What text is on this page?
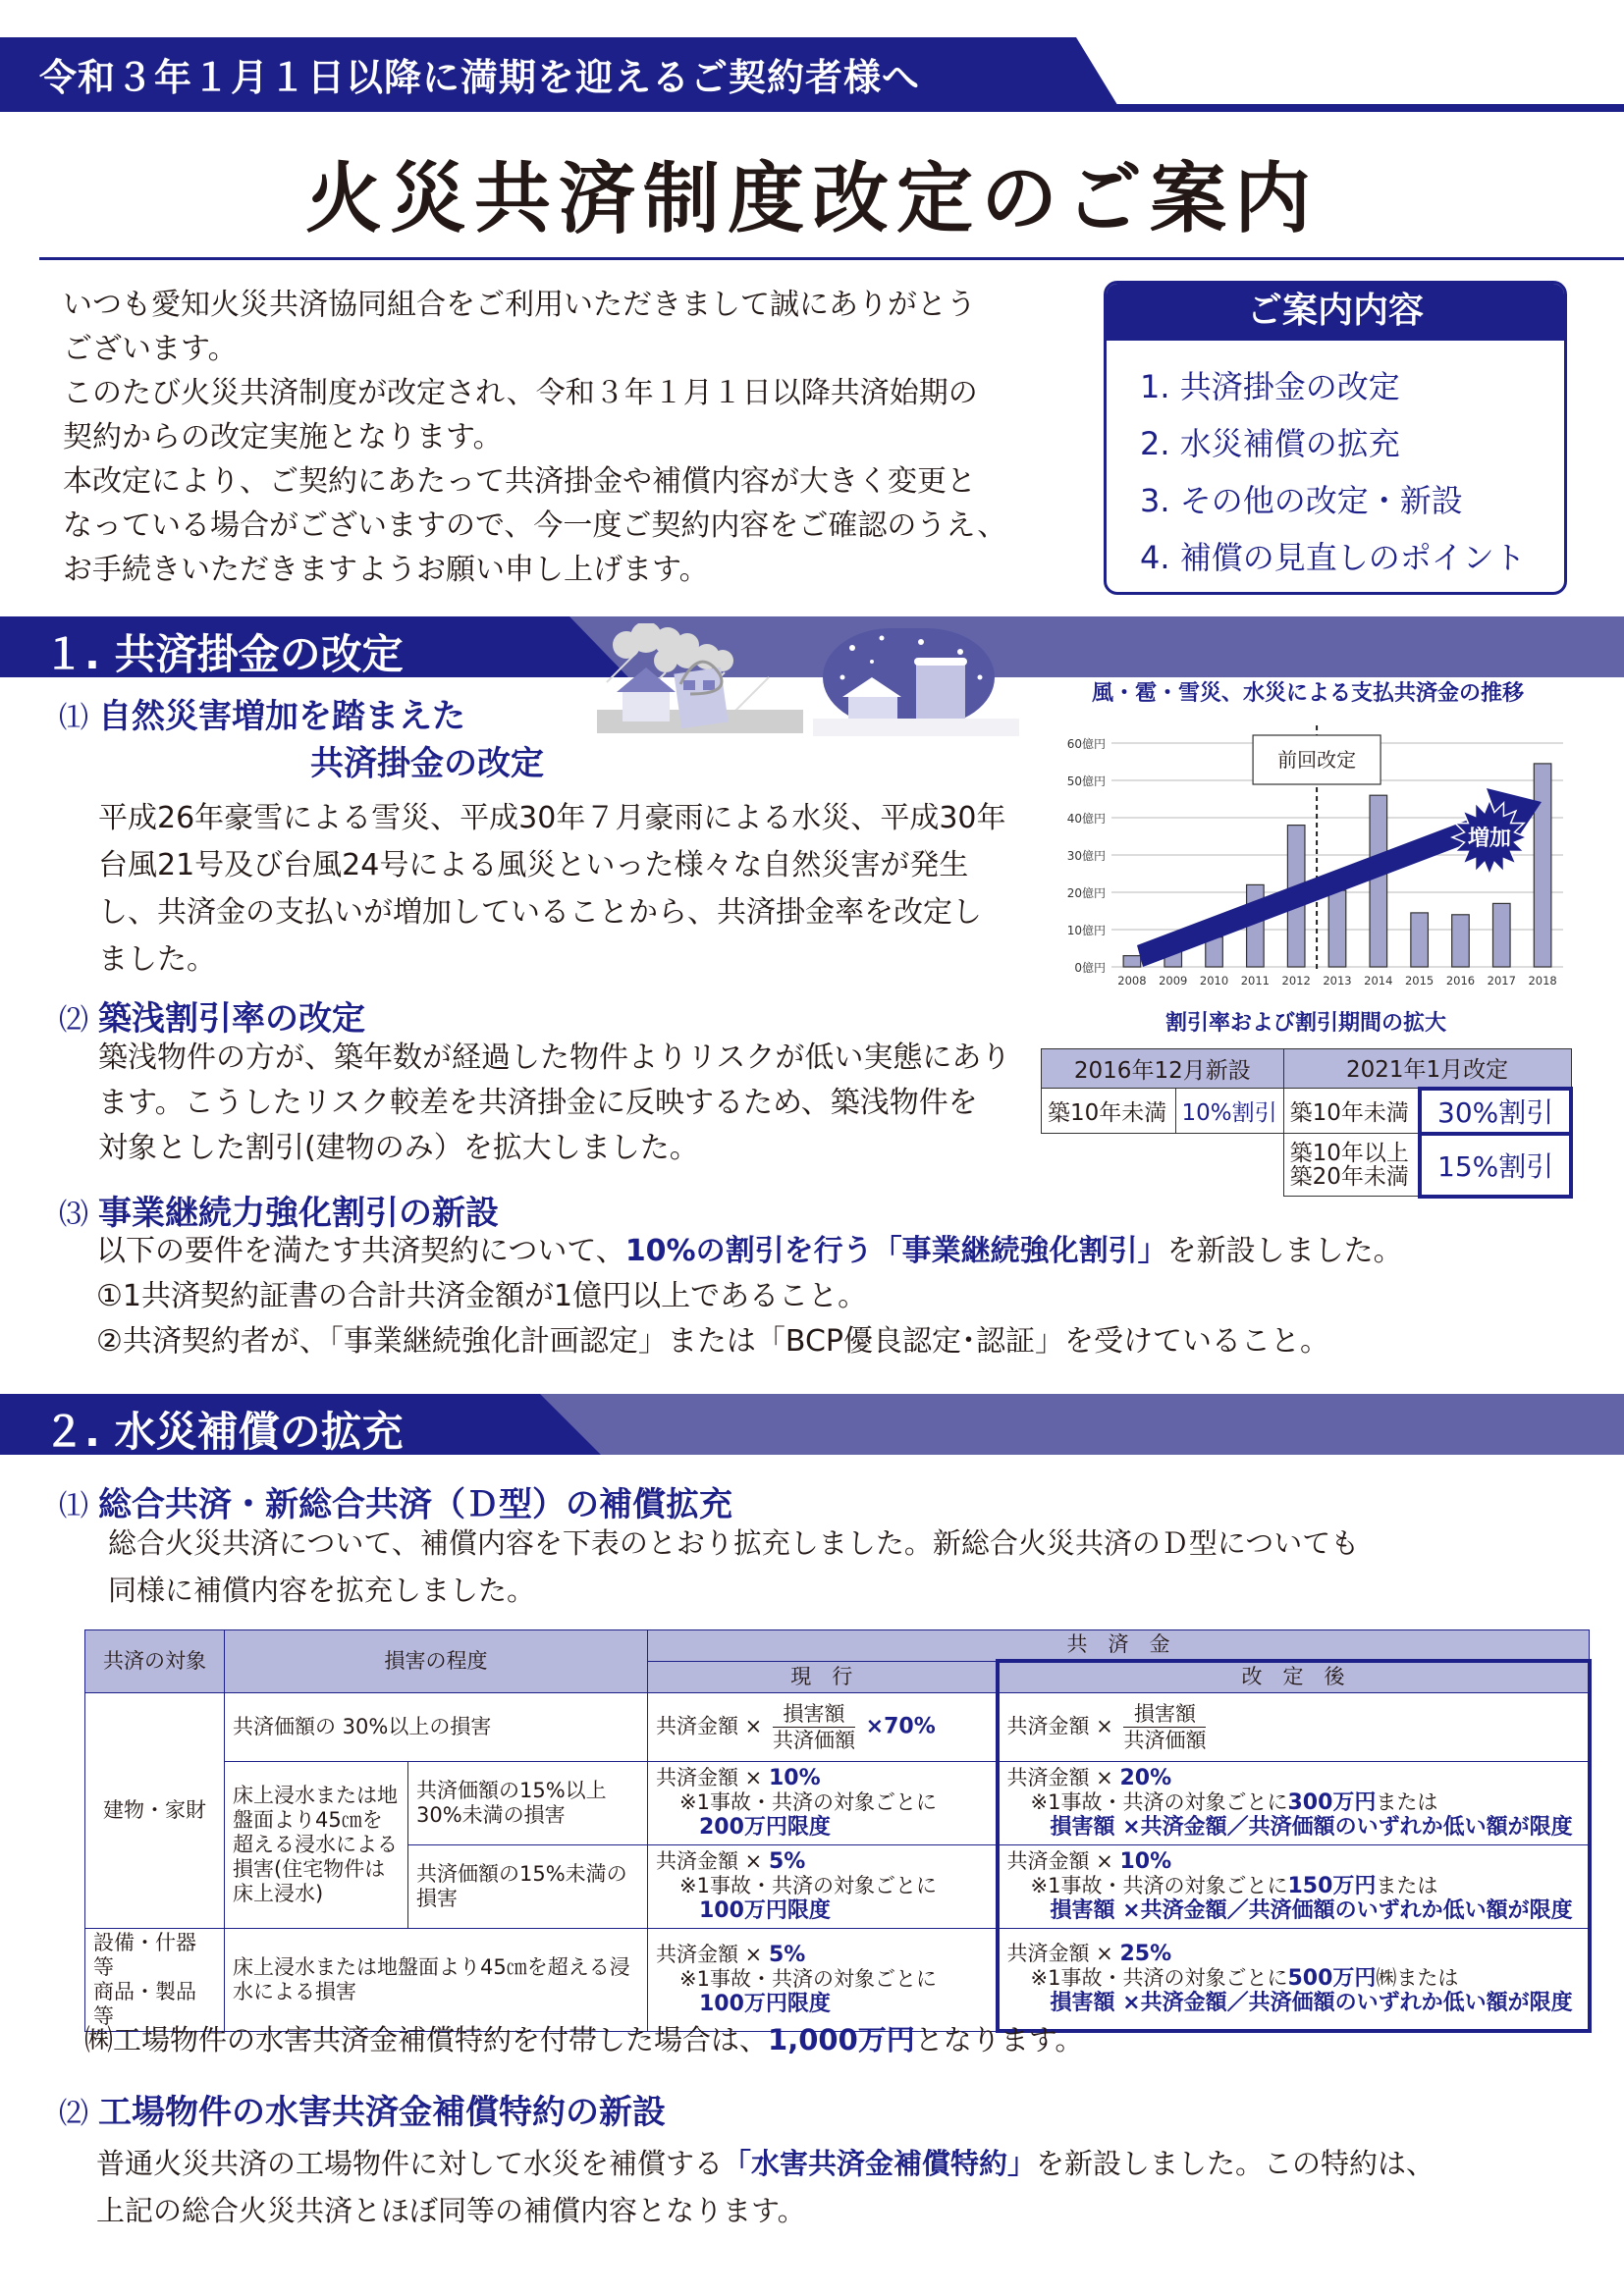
令和３年１月１日以降に満期を迎えるご契約者様へ
火災共済制度改定のご案内

いつも愛知火災共済協同組合をご利用いただきまして誠にありがとう

ございます。

このたび火災共済制度が改定され、令和３年１月１日以降共済始期の

契約からの改定実施となります。

本改定により、ご契約にあたって共済掛金や補償内容が大きく変更と

なっている場合がございますので、今一度ご契約内容をご確認のうえ、

お手続きいただきますようお願い申し上げます。

ご案内内容
1. 共済掛金の改定
2. 水災補償の拡充
3. その他の改定・新設
4. 補償の見直しのポイント
１. 共済掛金の改定
⑴ 自然災害増加を踏まえた
共済掛金の改定
平成26年豪雪による雪災、平成30年７月豪雨による水災、平成30年
台風21号及び台風24号による風災といった様々な自然災害が発生
し、共済金の支払いが増加していることから、共済掛金率を改定し
ました。
風・雹・雪災、水災による支払共済金の推移
0億円
10億円
20億円
30億円
40億円
50億円
60億円
2008 2009 2010 2011 2012 2013 2014 2015 2016 2017 2018
前回改定
増加
⑵ 築浅割引率の改定
築浅物件の方が、築年数が経過した物件よりリスクが低い実態にあり
ます。こうしたリスク較差を共済掛金に反映するため、築浅物件を
対象とした割引(建物のみ）を拡大しました。
割引率および割引期間の拡大
2016年12月新設		2021年1月改定	
築10年未満	10%割引	築10年未満	30%割引

		築10年以上
築20年未満	15%割引
⑶ 事業継続力強化割引の新設
以下の要件を満たす共済契約について、10%の割引を行う「事業継続強化割引」を新設しました。
①1共済契約証書の合計共済金額が1億円以上であること。
②共済契約者が、「事業継続強化計画認定」または「BCP優良認定･認証」を受けていること。
２. 水災補償の拡充
⑴ 総合共済・新総合共済（Ｄ型）の補償拡充
総合火災共済について、補償内容を下表のとおり拡充しました。新総合火災共済のＤ型についても
同様に補償内容を拡充しました。
共済の対象	損害の程度		共　済　金	
			現　行	改　定　後
建物・家財	共済価額の 30%以上の損害		共済金額 × $\frac{\text{損害額}}{\text{共済価額}} \times 70\%$	共済金額 × $\frac{\text{損害額}}{\text{共済価額}}$

	床上浸水または地盤面より45㎝を超える浸水による損害(住宅物件は床上浸水)	共済価額の15%以上30%未満の損害	共済金額 × 10%
※1事故・共済の対象ごとに
200万円限度	共済金額 × 20%
※1事故・共済の対象ごとに300万円または
損害額 ×共済金額／共済価額のいずれか低い額が限度

		共済価額の15%未満の損害	共済金額 × 5%
※1事故・共済の対象ごとに
100万円限度	共済金額 × 10%
※1事故・共済の対象ごとに150万円または
損害額 ×共済金額／共済価額のいずれか低い額が限度

設備・什器等
商品・製品等
	床上浸水または地盤面より45㎝を超える浸水による損害	共済金額 × 5%
※1事故・共済の対象ごとに
100万円限度
	共済金額 × 25%
※1事故・共済の対象ごとに500万円㈱または
損害額 ×共済金額／共済価額のいずれか低い額が限度
㈱工場物件の水害共済金補償特約を付帯した場合は、1,000万円となります。
⑵ 工場物件の水害共済金補償特約の新設
普通火災共済の工場物件に対して水災を補償する「水害共済金補償特約」を新設しました。この特約は、
上記の総合火災共済とほぼ同等の補償内容となります。
